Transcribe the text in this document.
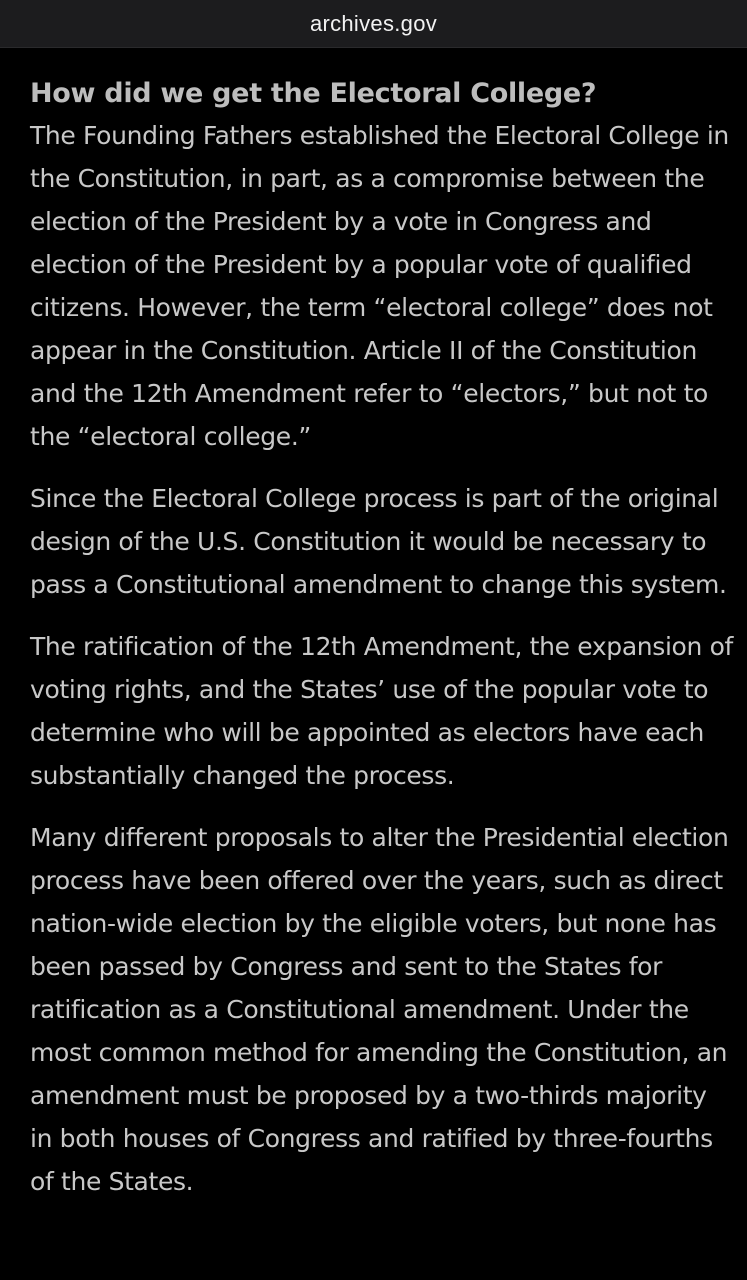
archives.gov
How did we get the Electoral College?

The Founding Fathers established the Electoral College in the Constitution, in part, as a compromise between the election of the President by a vote in Congress and election of the President by a popular vote of qualified citizens. However, the term “electoral college” does not appear in the Constitution. Article II of the Constitution and the 12th Amendment refer to “electors,” but not to the “electoral college.”

Since the Electoral College process is part of the original design of the U.S. Constitution it would be necessary to pass a Constitutional amendment to change this system.

The ratification of the 12th Amendment, the expansion of voting rights, and the States’ use of the popular vote to determine who will be appointed as electors have each substantially changed the process.

Many different proposals to alter the Presidential election process have been offered over the years, such as direct nation-wide election by the eligible voters, but none has been passed by Congress and sent to the States for ratification as a Constitutional amendment. Under the most common method for amending the Constitution, an amendment must be proposed by a two-thirds majority in both houses of Congress and ratified by three-fourths of the States.
